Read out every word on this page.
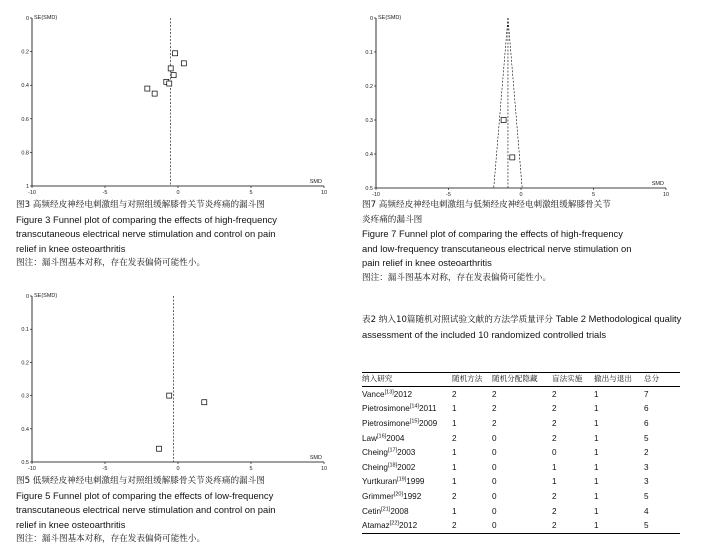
0
0.2
0.4
0.6
0.8
1
-10	-5	0	5	10
SE(SMD)
SMD
图3 高频经皮神经电刺激组与对照组缓解膝骨关节炎疼痛的漏斗图
Figure 3 Funnel plot of comparing the effects of high-frequency
transcutaneous electrical nerve stimulation and control on pain
relief in knee osteoarthritis
图注：漏斗图基本对称，存在发表偏倚可能性小。
0
0.1
0.2
0.3
0.4
0.5
-10	-5	0	5	10
SE(SMD)
SMD
图5 低频经皮神经电刺激组与对照组缓解膝骨关节炎疼痛的漏斗图
Figure 5 Funnel plot of comparing the effects of low-frequency
transcutaneous electrical nerve stimulation and control on pain
relief in knee osteoarthritis
图注：漏斗图基本对称，存在发表偏倚可能性小。
0
0.1
0.2
0.3
0.4
0.5
-10	-5	0	5	10
SE(SMD)
SMD
图7 高频经皮神经电刺激组与低频经皮神经电刺激组缓解膝骨关节
炎疼痛的漏斗图
Figure 7 Funnel plot of comparing the effects of high-frequency
and low-frequency transcutaneous electrical nerve stimulation on
pain relief in knee osteoarthritis
图注：漏斗图基本对称，存在发表偏倚可能性小。
表2 纳入10篇随机对照试验文献的方法学质量评分 Table 2 Methodological quality assessment of the included 10 randomized controlled trials
纳入研究	随机方法	随机分配隐藏	盲法实施	撤出与退出	总分
Vance[13]2012	2	2	2	1	7
Pietrosimone[14]2011	1	2	2	1	6
Pietrosimone[15]2009	1	2	2	1	6
Law[16]2004	2	0	2	1	5
Cheing[17]2003	1	0	0	1	2
Cheing[18]2002	1	0	1	1	3
Yurtkuran[19]1999	1	0	1	1	3
Grimmer[20]1992	2	0	2	1	5
Cetin[21]2008	1	0	2	1	4
Atamaz[22]2012	2	0	2	1	5
